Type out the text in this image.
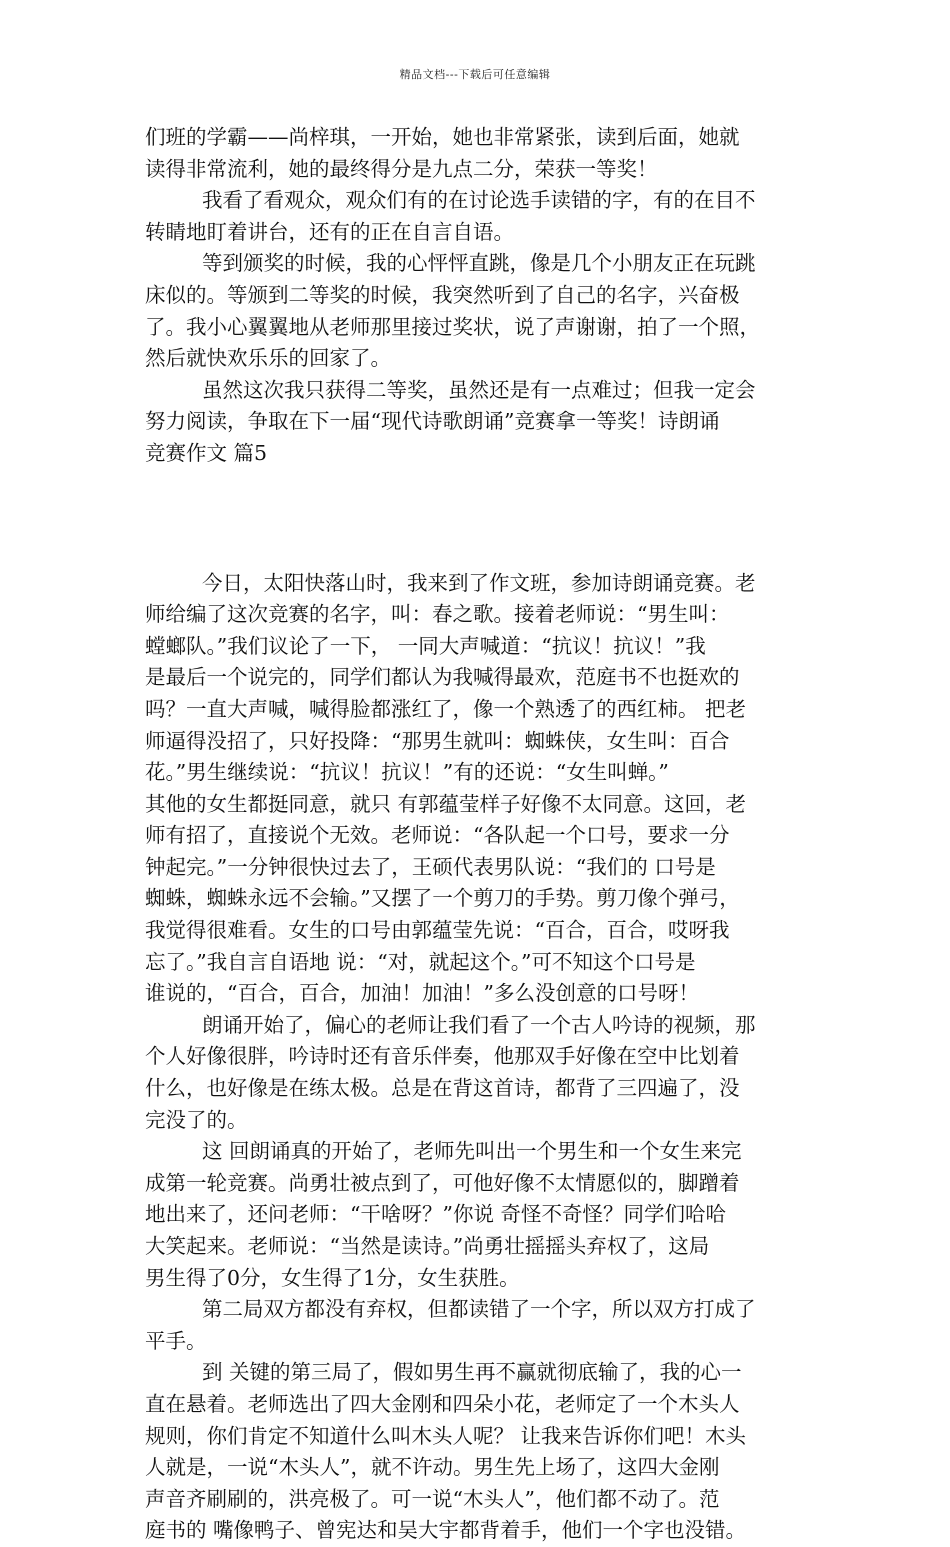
精品文档---下载后可任意编辑
们班的学霸——尚梓琪，一开始，她也非常紧张，读到后面，她就
读得非常流利，她的最终得分是九点二分，荣获一等奖！
我看了看观众，观众们有的在讨论选手读错的字，有的在目不
转睛地盯着讲台，还有的正在自言自语。
等到颁奖的时候，我的心怦怦直跳，像是几个小朋友正在玩跳
床似的。等颁到二等奖的时候，我突然听到了自己的名字，兴奋极
了。我小心翼翼地从老师那里接过奖状，说了声谢谢，拍了一个照，
然后就快欢乐乐的回家了。
虽然这次我只获得二等奖，虽然还是有一点难过；但我一定会
努力阅读，争取在下一届“现代诗歌朗诵”竞赛拿一等奖！诗朗诵
竞赛作文 篇5
今日，太阳快落山时，我来到了作文班，参加诗朗诵竞赛。老
师给编了这次竞赛的名字，叫：春之歌。接着老师说：“男生叫：
螳螂队。”我们议论了一下， 一同大声喊道：“抗议！抗议！”我
是最后一个说完的，同学们都认为我喊得最欢，范庭书不也挺欢的
吗？一直大声喊，喊得脸都涨红了，像一个熟透了的西红柿。 把老
师逼得没招了，只好投降：“那男生就叫：蜘蛛侠，女生叫：百合
花。”男生继续说：“抗议！抗议！”有的还说：“女生叫蝉。”
其他的女生都挺同意，就只 有郭蕴莹样子好像不太同意。这回，老
师有招了，直接说个无效。老师说：“各队起一个口号，要求一分
钟起完。”一分钟很快过去了，王硕代表男队说：“我们的 口号是
蜘蛛，蜘蛛永远不会输。”又摆了一个剪刀的手势。剪刀像个弹弓，
我觉得很难看。女生的口号由郭蕴莹先说：“百合，百合，哎呀我
忘了。”我自言自语地 说：“对，就起这个。”可不知这个口号是
谁说的，“百合，百合，加油！加油！”多么没创意的口号呀！
朗诵开始了，偏心的老师让我们看了一个古人吟诗的视频，那
个人好像很胖，吟诗时还有音乐伴奏，他那双手好像在空中比划着
什么，也好像是在练太极。总是在背这首诗，都背了三四遍了，没
完没了的。
这 回朗诵真的开始了，老师先叫出一个男生和一个女生来完
成第一轮竞赛。尚勇壮被点到了，可他好像不太情愿似的，脚蹭着
地出来了，还问老师：“干啥呀？”你说 奇怪不奇怪？同学们哈哈
大笑起来。老师说：“当然是读诗。”尚勇壮摇摇头弃权了，这局
男生得了0分，女生得了1分，女生获胜。
第二局双方都没有弃权，但都读错了一个字，所以双方打成了
平手。
到 关键的第三局了，假如男生再不赢就彻底输了，我的心一
直在悬着。老师选出了四大金刚和四朵小花，老师定了一个木头人
规则，你们肯定不知道什么叫木头人呢？ 让我来告诉你们吧！木头
人就是，一说“木头人”，就不许动。男生先上场了，这四大金刚
声音齐刷刷的，洪亮极了。可一说“木头人”，他们都不动了。范
庭书的 嘴像鸭子、曾宪达和吴大宇都背着手，他们一个字也没错。
